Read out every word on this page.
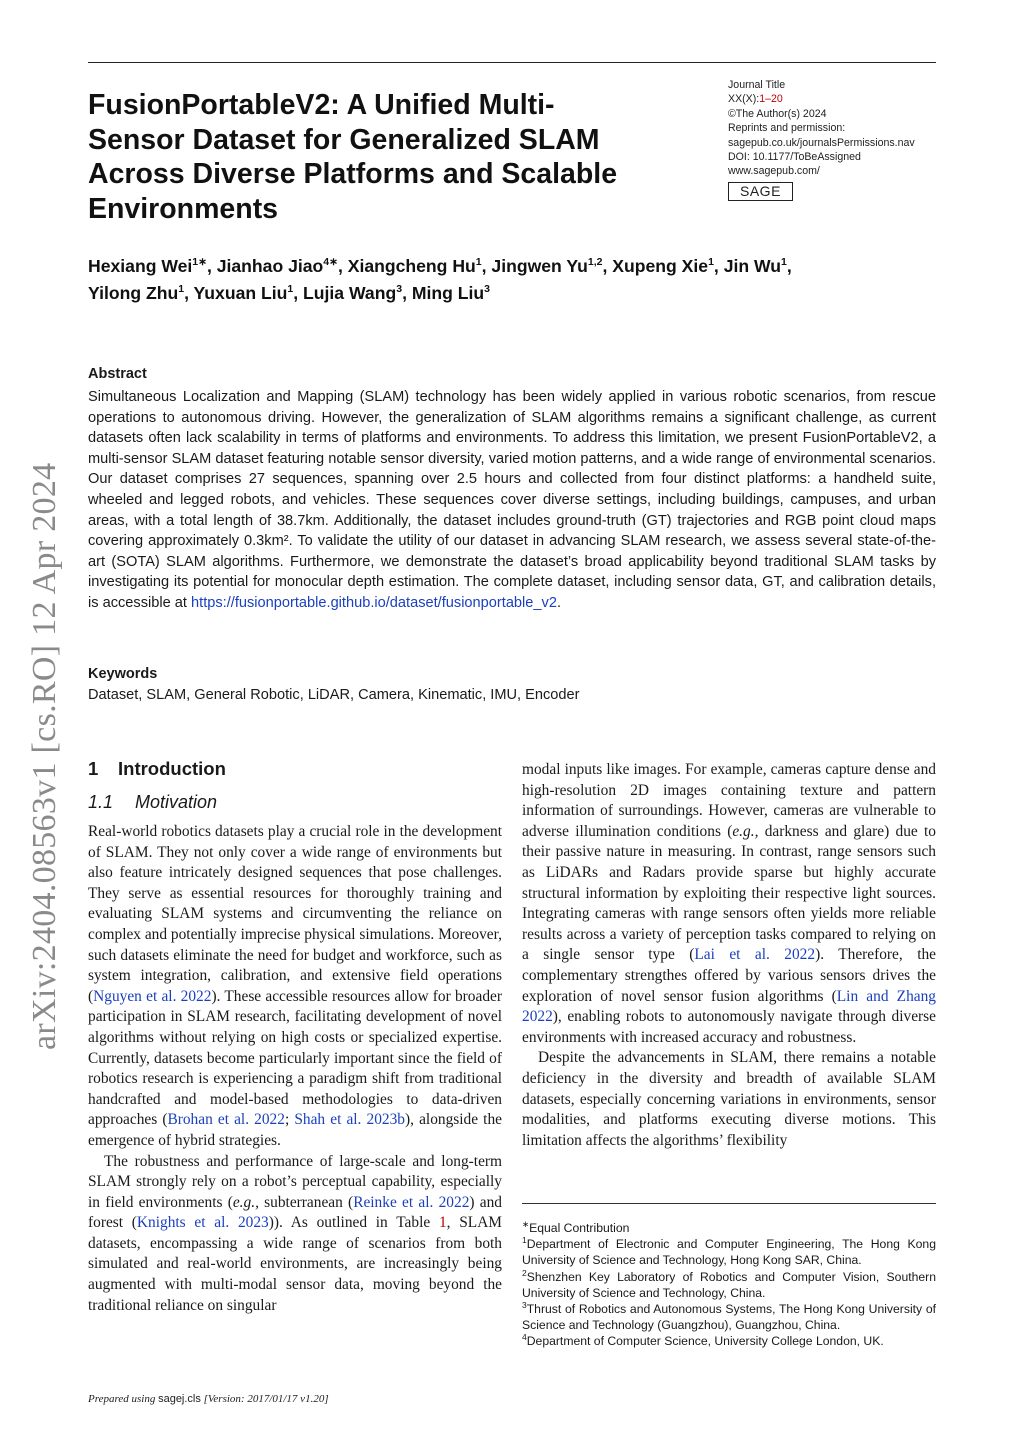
FusionPortableV2: A Unified Multi-Sensor Dataset for Generalized SLAM Across Diverse Platforms and Scalable Environments
Journal Title
XX(X):1–20
©The Author(s) 2024
Reprints and permission:
sagepub.co.uk/journalsPermissions.nav
DOI: 10.1177/ToBeAssigned
www.sagepub.com/
SAGE
Hexiang Wei$^{1∗}$, Jianhao Jiao$^{4∗}$, Xiangcheng Hu$^1$, Jingwen Yu$^{1,2}$, Xupeng Xie$^1$, Jin Wu$^1$,
Yilong Zhu$^1$, Yuxuan Liu$^1$, Lujia Wang$^3$, Ming Liu$^3$
Abstract
Simultaneous Localization and Mapping (SLAM) technology has been widely applied in various robotic scenarios, from rescue operations to autonomous driving. However, the generalization of SLAM algorithms remains a significant challenge, as current datasets often lack scalability in terms of platforms and environments. To address this limitation, we present FusionPortableV2, a multi-sensor SLAM dataset featuring notable sensor diversity, varied motion patterns, and a wide range of environmental scenarios. Our dataset comprises 27 sequences, spanning over 2.5 hours and collected from four distinct platforms: a handheld suite, wheeled and legged robots, and vehicles. These sequences cover diverse settings, including buildings, campuses, and urban areas, with a total length of 38.7km. Additionally, the dataset includes ground-truth (GT) trajectories and RGB point cloud maps covering approximately 0.3km². To validate the utility of our dataset in advancing SLAM research, we assess several state-of-the-art (SOTA) SLAM algorithms. Furthermore, we demonstrate the dataset’s broad applicability beyond traditional SLAM tasks by investigating its potential for monocular depth estimation. The complete dataset, including sensor data, GT, and calibration details, is accessible at https://fusionportable.github.io/dataset/fusionportable_v2.
Keywords
Dataset, SLAM, General Robotic, LiDAR, Camera, Kinematic, IMU, Encoder
arXiv:2404.08563v1 [cs.RO] 12 Apr 2024 1 Introduction
1.1 Motivation

Real-world robotics datasets play a crucial role in the development of SLAM. They not only cover a wide range of environments but also feature intricately designed sequences that pose challenges. They serve as essential resources for thoroughly training and evaluating SLAM systems and circumventing the reliance on complex and potentially imprecise physical simulations. Moreover, such datasets eliminate the need for budget and workforce, such as system integration, calibration, and extensive field operations (Nguyen et al. 2022). These accessible resources allow for broader participation in SLAM research, facilitating development of novel algorithms without relying on high costs or specialized expertise. Currently, datasets become particularly important since the field of robotics research is experiencing a paradigm shift from traditional handcrafted and model-based methodologies to data-driven approaches (Brohan et al. 2022; Shah et al. 2023b), alongside the emergence of hybrid strategies.

The robustness and performance of large-scale and long-term SLAM strongly rely on a robot’s perceptual capability, especially in field environments (e.g., subterranean (Reinke et al. 2022) and forest (Knights et al. 2023)). As outlined in Table 1, SLAM datasets, encompassing a wide range of scenarios from both simulated and real-world environments, are increasingly being augmented with multi-modal sensor data, moving beyond the traditional reliance on singular

modal inputs like images. For example, cameras capture dense and high-resolution 2D images containing texture and pattern information of surroundings. However, cameras are vulnerable to adverse illumination conditions (e.g., darkness and glare) due to their passive nature in measuring. In contrast, range sensors such as LiDARs and Radars provide sparse but highly accurate structural information by exploiting their respective light sources. Integrating cameras with range sensors often yields more reliable results across a variety of perception tasks compared to relying on a single sensor type (Lai et al. 2022). Therefore, the complementary strengthes offered by various sensors drives the exploration of novel sensor fusion algorithms (Lin and Zhang 2022), enabling robots to autonomously navigate through diverse environments with increased accuracy and robustness.

Despite the advancements in SLAM, there remains a notable deficiency in the diversity and breadth of available SLAM datasets, especially concerning variations in environments, sensor modalities, and platforms executing diverse motions. This limitation affects the algorithms’ flexibility

∗Equal Contribution

$^1$Department of Electronic and Computer Engineering, The Hong Kong University of Science and Technology, Hong Kong SAR, China.

$^2$Shenzhen Key Laboratory of Robotics and Computer Vision, Southern University of Science and Technology, China.

$^3$Thrust of Robotics and Autonomous Systems, The Hong Kong University of Science and Technology (Guangzhou), Guangzhou, China.

$^4$Department of Computer Science, University College London, UK.

Prepared using sagej.cls [Version: 2017/01/17 v1.20]
